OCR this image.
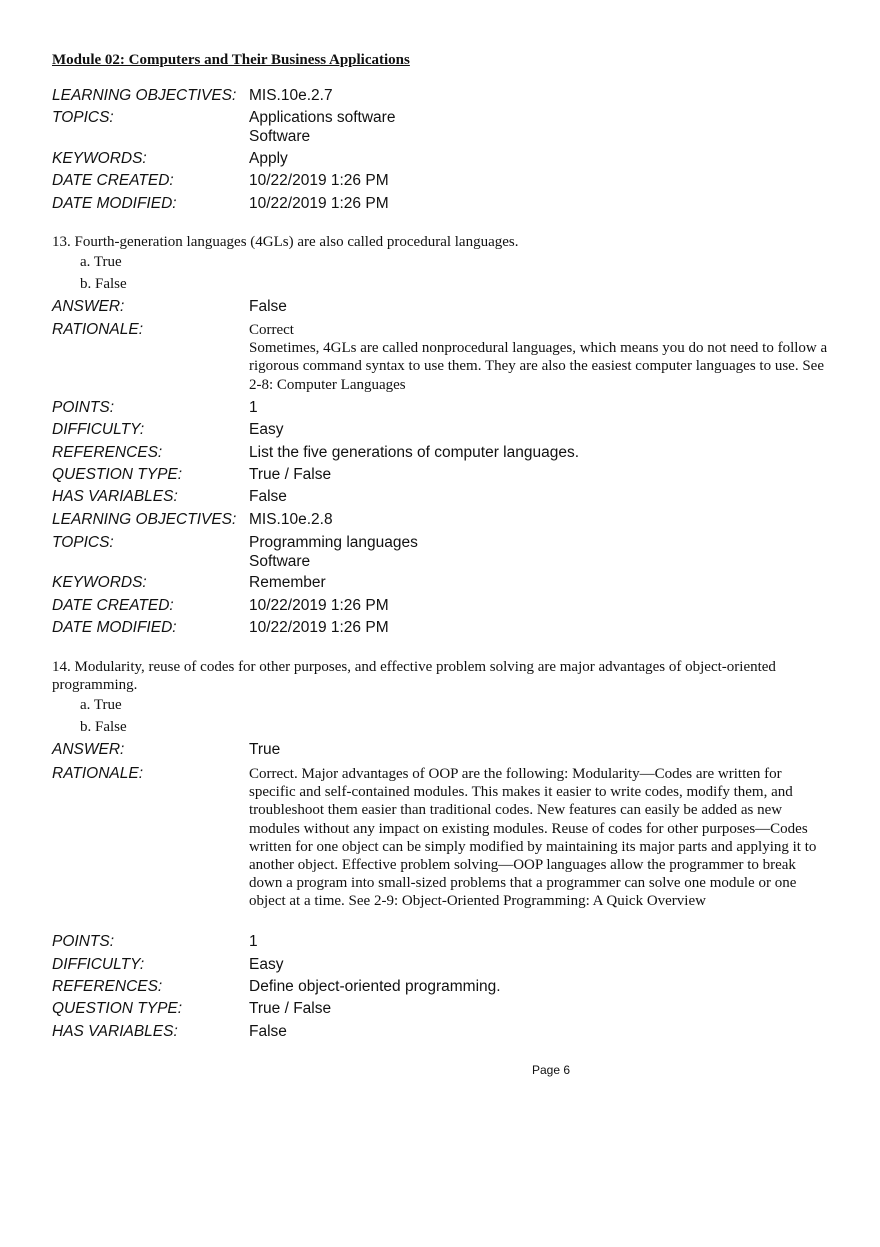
Module 02: Computers and Their Business Applications
LEARNING OBJECTIVES: MIS.10e.2.7
TOPICS:	Applications software
Software
KEYWORDS:	Apply
DATE CREATED:	10/22/2019 1:26 PM
DATE MODIFIED:	10/22/2019 1:26 PM
13. Fourth-generation languages (4GLs) are also called procedural languages.
a. True
b. False
ANSWER:	False
RATIONALE:	Correct
Sometimes, 4GLs are called nonprocedural languages, which means you do not need to follow a rigorous command syntax to use them. They are also the easiest computer languages to use. See 2-8: Computer Languages
POINTS:	1
DIFFICULTY:	Easy
REFERENCES:	List the five generations of computer languages.
QUESTION TYPE:	True / False
HAS VARIABLES:	False
LEARNING OBJECTIVES: MIS.10e.2.8
TOPICS:	Programming languages
Software
KEYWORDS:	Remember
DATE CREATED:	10/22/2019 1:26 PM
DATE MODIFIED:	10/22/2019 1:26 PM
14. Modularity, reuse of codes for other purposes, and effective problem solving are major advantages of object-oriented programming.
a. True
b. False
ANSWER:	True
RATIONALE:	Correct. Major advantages of OOP are the following: Modularity—Codes are written for specific and self-contained modules. This makes it easier to write codes, modify them, and troubleshoot them easier than traditional codes. New features can easily be added as new modules without any impact on existing modules. Reuse of codes for other purposes—Codes written for one object can be simply modified by maintaining its major parts and applying it to another object. Effective problem solving—OOP languages allow the programmer to break down a program into small-sized problems that a programmer can solve one module or one object at a time. See 2-9: Object-Oriented Programming: A Quick Overview
POINTS:	1
DIFFICULTY:	Easy
REFERENCES:	Define object-oriented programming.
QUESTION TYPE:	True / False
HAS VARIABLES:	False
Page 6
